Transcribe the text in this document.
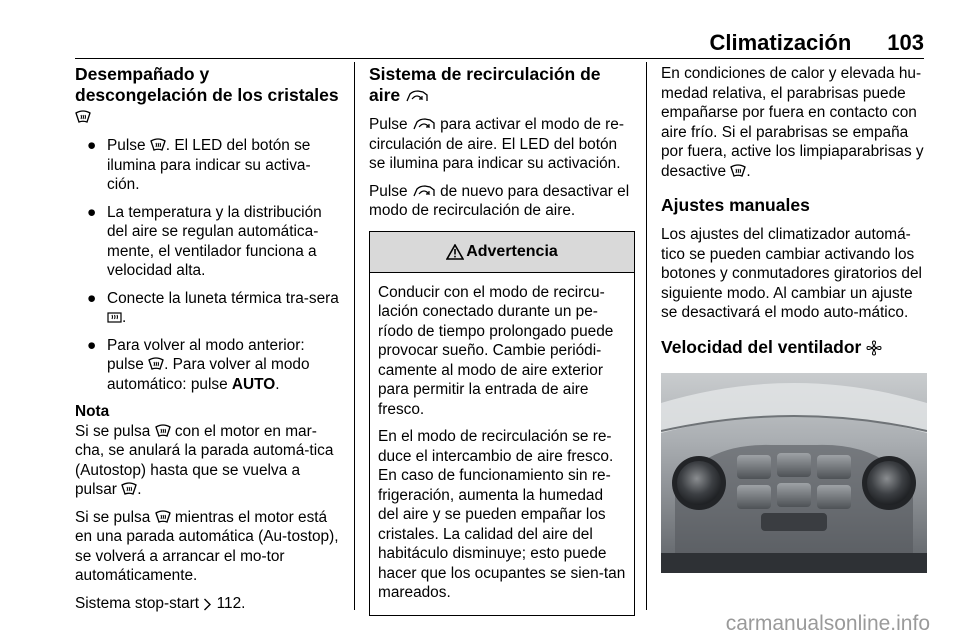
Climatización 103
Desempañado y descongelación de los cristales
● Pulse . El LED del botón se ilumina para indicar su activa-ción.
● La temperatura y la distribución del aire se regulan automática-mente, el ventilador funciona a velocidad alta.
● Conecte la luneta térmica tra-sera .
● Para volver al modo anterior: pulse . Para volver al modo automático: pulse AUTO.

Nota

Si se pulsa con el motor en mar-cha, se anulará la parada automá-tica (Autostop) hasta que se vuelva a pulsar .

Si se pulsa mientras el motor está en una parada automática (Au-tostop), se volverá a arrancar el mo-tor automáticamente.

Sistema stop-start 112.

Sistema de recirculación de aire

Pulse para activar el modo de re-circulación de aire. El LED del botón se ilumina para indicar su activación.

Pulse de nuevo para desactivar el modo de recirculación de aire.

Advertencia

Conducir con el modo de recircu-lación conectado durante un pe-ríodo de tiempo prolongado puede provocar sueño. Cambie periódi-camente al modo de aire exterior para permitir la entrada de aire fresco.

En el modo de recirculación se re-duce el intercambio de aire fresco. En caso de funcionamiento sin re-frigeración, aumenta la humedad del aire y se pueden empañar los cristales. La calidad del aire del habitáculo disminuye; esto puede hacer que los ocupantes se sien-tan mareados.

En condiciones de calor y elevada hu-medad relativa, el parabrisas puede empañarse por fuera en contacto con aire frío. Si el parabrisas se empaña por fuera, active los limpiaparabrisas y desactive .

Ajustes manuales

Los ajustes del climatizador automá-tico se pueden cambiar activando los botones y conmutadores giratorios del siguiente modo. Al cambiar un ajuste se desactivará el modo auto-mático.

Velocidad del ventilador
carmanualsonline.info
